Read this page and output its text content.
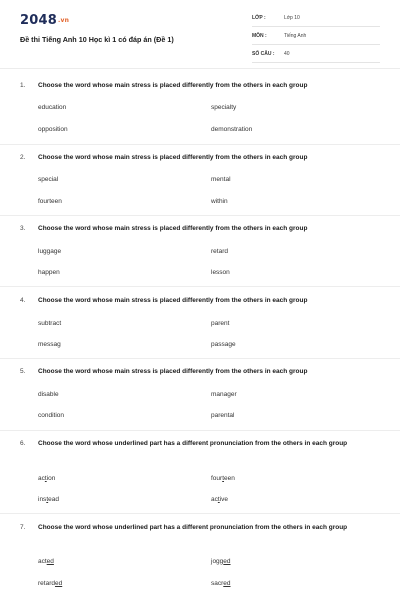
2048.vn
Đề thi Tiếng Anh 10 Học kì 1 có đáp án (Đề 1)
LỚP :	Lớp 10
MÔN :	Tiếng Anh
SỐ CÂU : 40
1. Choose the word whose main stress is placed differently from the others in each group
education	specialty
opposition	demonstration
2. Choose the word whose main stress is placed differently from the others in each group
special	mental
fourteen	within
3. Choose the word whose main stress is placed differently from the others in each group
luggage	retard
happen	lesson
4. Choose the word whose main stress is placed differently from the others in each group
subtract	parent
messag	passage
5. Choose the word whose main stress is placed differently from the others in each group
disable	manager
condition	parental
6. Choose the word whose underlined part has a different pronunciation from the others in each group
action	fourteen
instead	active
7. Choose the word whose underlined part has a different pronunciation from the others in each group
acted	jogged
retarded	sacred
